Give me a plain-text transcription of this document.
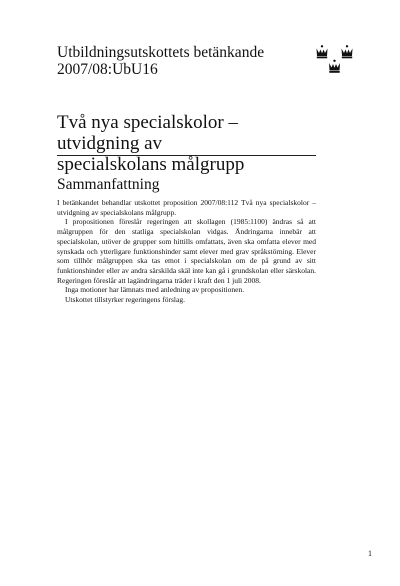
Utbildningsutskottets betänkande
2007/08:UbU16
Två nya specialskolor – utvidgning av
specialskolans målgrupp
Sammanfattning

I betänkandet behandlar utskottet proposition 2007/08:112 Två nya specialskolor – utvidgning av specialskolans målgrupp.

I propositionen föreslår regeringen att skollagen (1985:1100) ändras så att målgruppen för den statliga specialskolan vidgas. Ändringarna innebär att specialskolan, utöver de grupper som hittills omfattats, även ska omfatta elever med synskada och ytterligare funktionshinder samt elever med grav språkstörning. Elever som tillhör målgruppen ska tas emot i specialskolan om de på grund av sitt funktionshinder eller av andra särskilda skäl inte kan gå i grundskolan eller särskolan. Regeringen föreslår att lagändringarna träder i kraft den 1 juli 2008.

Inga motioner har lämnats med anledning av propositionen.

Utskottet tillstyrker regeringens förslag.

1
